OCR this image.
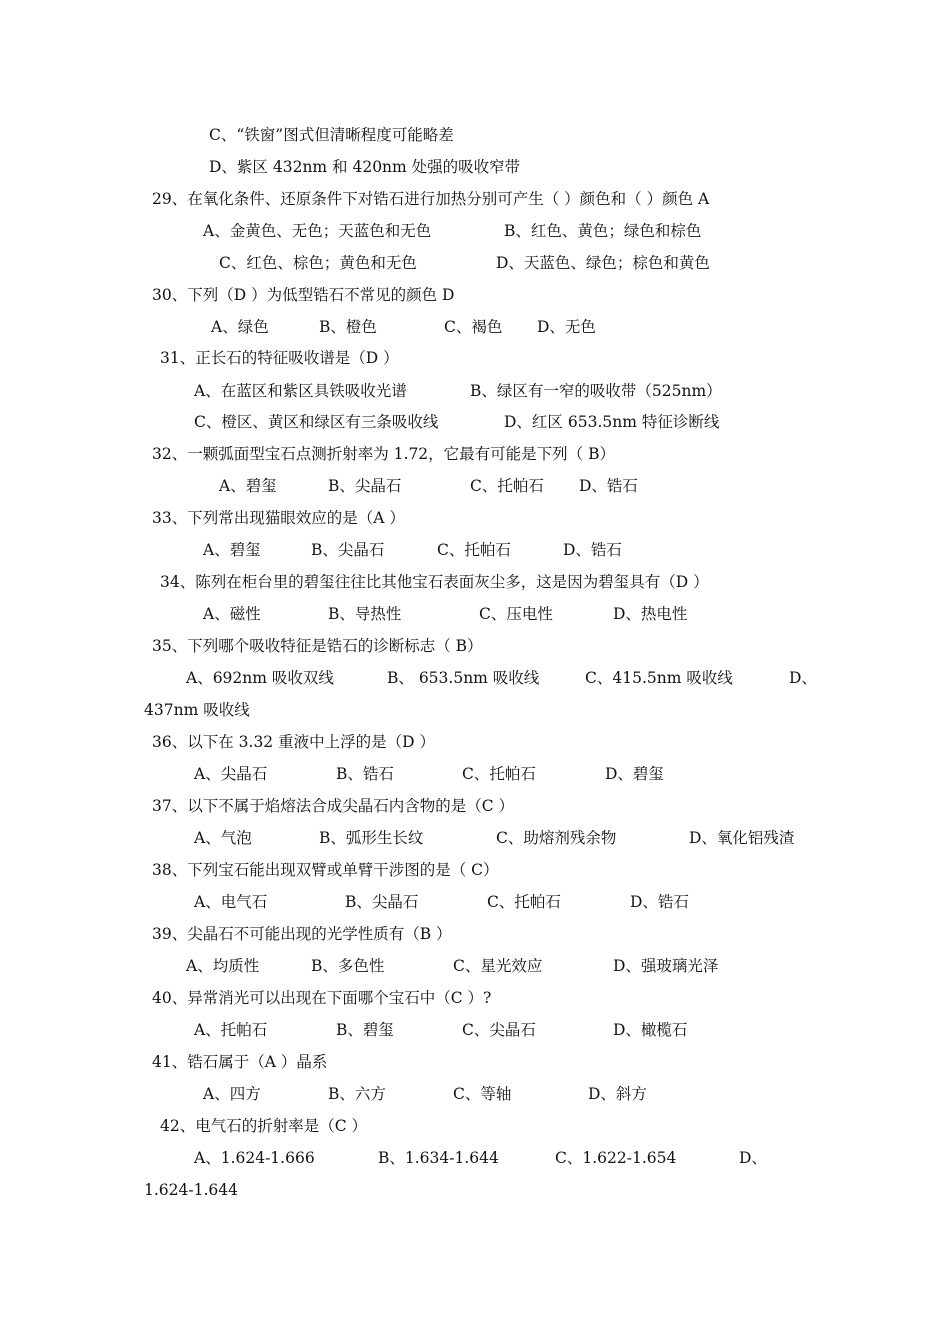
C、“铁窗”图式但清晰程度可能略差
D、紫区 432nm 和 420nm 处强的吸收窄带
29、在氧化条件、还原条件下对锆石进行加热分别可产生（ ）颜色和（ ）颜色 A
A、金黄色、无色；天蓝色和无色	B、红色、黄色；绿色和棕色
C、红色、棕色；黄色和无色	D、天蓝色、绿色；棕色和黄色
30、下列（D ）为低型锆石不常见的颜色 D
A、绿色	B、橙色	C、褐色 D、无色
31、正长石的特征吸收谱是（D ）
A、在蓝区和紫区具铁吸收光谱	B、绿区有一窄的吸收带（525nm）
C、橙区、黄区和绿区有三条吸收线	D、红区 653.5nm 特征诊断线
32、一颗弧面型宝石点测折射率为 1.72，它最有可能是下列（ B）
A、碧玺	B、尖晶石	C、托帕石 D、锆石
33、下列常出现猫眼效应的是（A ）
A、碧玺	B、尖晶石	C、托帕石	D、锆石
34、陈列在柜台里的碧玺往往比其他宝石表面灰尘多，这是因为碧玺具有（D ）
A、磁性	B、导热性	C、压电性	D、热电性
35、下列哪个吸收特征是锆石的诊断标志（ B）
A、692nm 吸收双线	B、 653.5nm 吸收线	C、415.5nm 吸收线	D、
437nm 吸收线
36、以下在 3.32 重液中上浮的是（D ）
A、尖晶石	B、锆石	C、托帕石	D、碧玺
37、以下不属于焰熔法合成尖晶石内含物的是（C ）
A、气泡	B、弧形生长纹	C、助熔剂残余物	D、氧化铝残渣
38、下列宝石能出现双臂或单臂干涉图的是（ C）
A、电气石	B、尖晶石	C、托帕石	D、锆石
39、尖晶石不可能出现的光学性质有（B ）
A、均质性	B、多色性	C、星光效应	D、强玻璃光泽
40、异常消光可以出现在下面哪个宝石中（C ）?
A、托帕石	B、碧玺	C、尖晶石	D、橄榄石
41、锆石属于（A ）晶系
A、四方	B、六方	C、等轴	D、斜方
42、电气石的折射率是（C ）
A、1.624-1.666	B、1.634-1.644	C、1.622-1.654	D、
1.624-1.644
